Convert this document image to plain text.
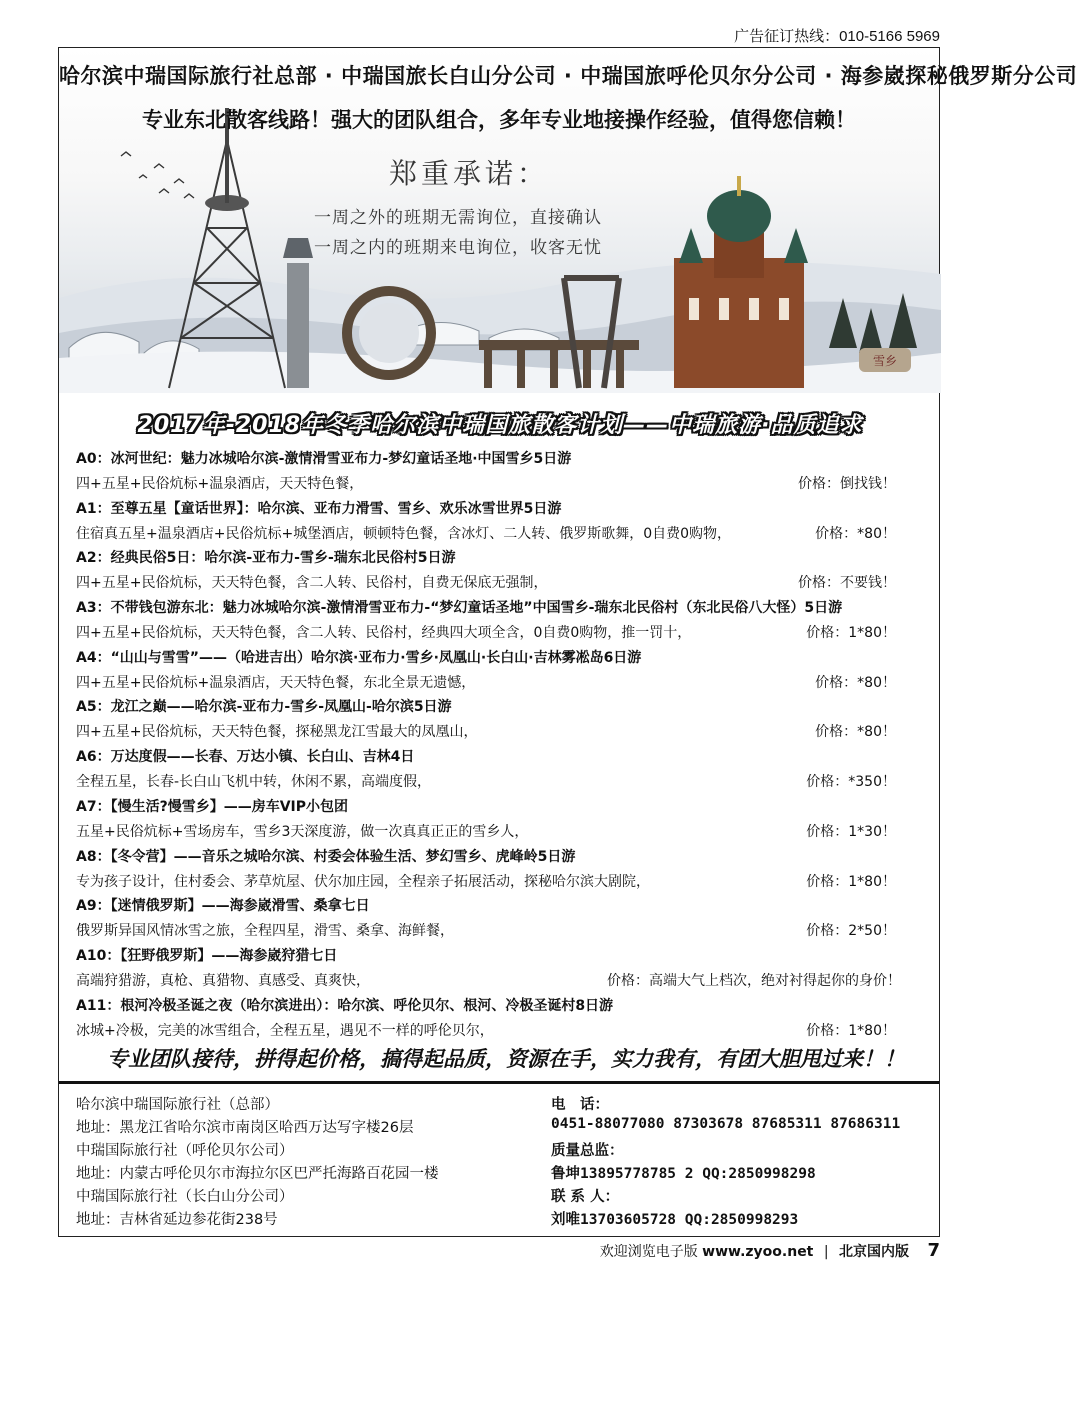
广告征订热线：010-5166 5969
雪乡
哈尔滨中瑞国际旅行社总部 · 中瑞国旅长白山分公司 · 中瑞国旅呼伦贝尔分公司 · 海参崴探秘俄罗斯分公司
专业东北散客线路！强大的团队组合，多年专业地接操作经验，值得您信赖！
郑重承诺：
一周之外的班期无需询位，直接确认
一周之内的班期来电询位，收客无忧
2017年-2018年冬季哈尔滨中瑞国旅散客计划——中瑞旅游·品质追求
A0：冰河世纪：魅力冰城哈尔滨-激情滑雪亚布力-梦幻童话圣地·中国雪乡5日游
四+五星+民俗炕标+温泉酒店，天天特色餐，	价格：倒找钱！
A1：至尊五星【童话世界】：哈尔滨、亚布力滑雪、雪乡、欢乐冰雪世界5日游
住宿真五星+温泉酒店+民俗炕标+城堡酒店，顿顿特色餐，含冰灯、二人转、俄罗斯歌舞，0自费0购物，	价格：*80！
A2：经典民俗5日：哈尔滨-亚布力-雪乡-瑞东北民俗村5日游
四+五星+民俗炕标，天天特色餐，含二人转、民俗村，自费无保底无强制，	价格：不要钱！
A3：不带钱包游东北：魅力冰城哈尔滨-激情滑雪亚布力-“梦幻童话圣地”中国雪乡-瑞东北民俗村（东北民俗八大怪）5日游
四+五星+民俗炕标，天天特色餐，含二人转、民俗村，经典四大项全含，0自费0购物，推一罚十，	价格：1*80！
A4：“山山与雪雪”——（哈进吉出）哈尔滨·亚布力·雪乡·凤凰山·长白山·吉林雾凇岛6日游
四+五星+民俗炕标+温泉酒店，天天特色餐，东北全景无遗憾，	价格：*80！
A5：龙江之巅——哈尔滨-亚布力-雪乡-凤凰山-哈尔滨5日游
四+五星+民俗炕标，天天特色餐，探秘黑龙江雪最大的凤凰山，	价格：*80！
A6：万达度假——长春、万达小镇、长白山、吉林4日
全程五星，长春-长白山飞机中转，休闲不累，高端度假，	价格：*350！
A7：【慢生活?慢雪乡】——房车VIP小包团
五星+民俗炕标+雪场房车，雪乡3天深度游，做一次真真正正的雪乡人，	价格：1*30！
A8：【冬令营】——音乐之城哈尔滨、村委会体验生活、梦幻雪乡、虎峰岭5日游
专为孩子设计，住村委会、茅草炕屋、伏尔加庄园，全程亲子拓展活动，探秘哈尔滨大剧院，	价格：1*80！
A9：【迷情俄罗斯】——海参崴滑雪、桑拿七日
俄罗斯异国风情冰雪之旅，全程四星，滑雪、桑拿、海鲜餐，	价格：2*50！
A10：【狂野俄罗斯】——海参崴狩猎七日
高端狩猎游，真枪、真猎物、真感受、真爽快，	价格：高端大气上档次，绝对衬得起你的身价！
A11：根河冷极圣诞之夜（哈尔滨进出）：哈尔滨、呼伦贝尔、根河、冷极圣诞村8日游
冰城+冷极，完美的冰雪组合，全程五星，遇见不一样的呼伦贝尔，	价格：1*80！
专业团队接待，拼得起价格，搞得起品质，资源在手，实力我有，有团大胆甩过来！！
哈尔滨中瑞国际旅行社（总部）
地址：黑龙江省哈尔滨市南岗区哈西万达写字楼26层
中瑞国际旅行社（呼伦贝尔公司）
地址：内蒙古呼伦贝尔市海拉尔区巴严托海路百花园一楼
中瑞国际旅行社（长白山分公司）
地址：吉林省延边参花街238号
电　话：
0451-88077080 87303678 87685311 87686311
质量总监：
鲁坤13895778785 2 QQ:2850998298
联 系 人：
刘唯13703605728 QQ:2850998293
欢迎浏览电子版 www.zyoo.net | 北京国内版 7
